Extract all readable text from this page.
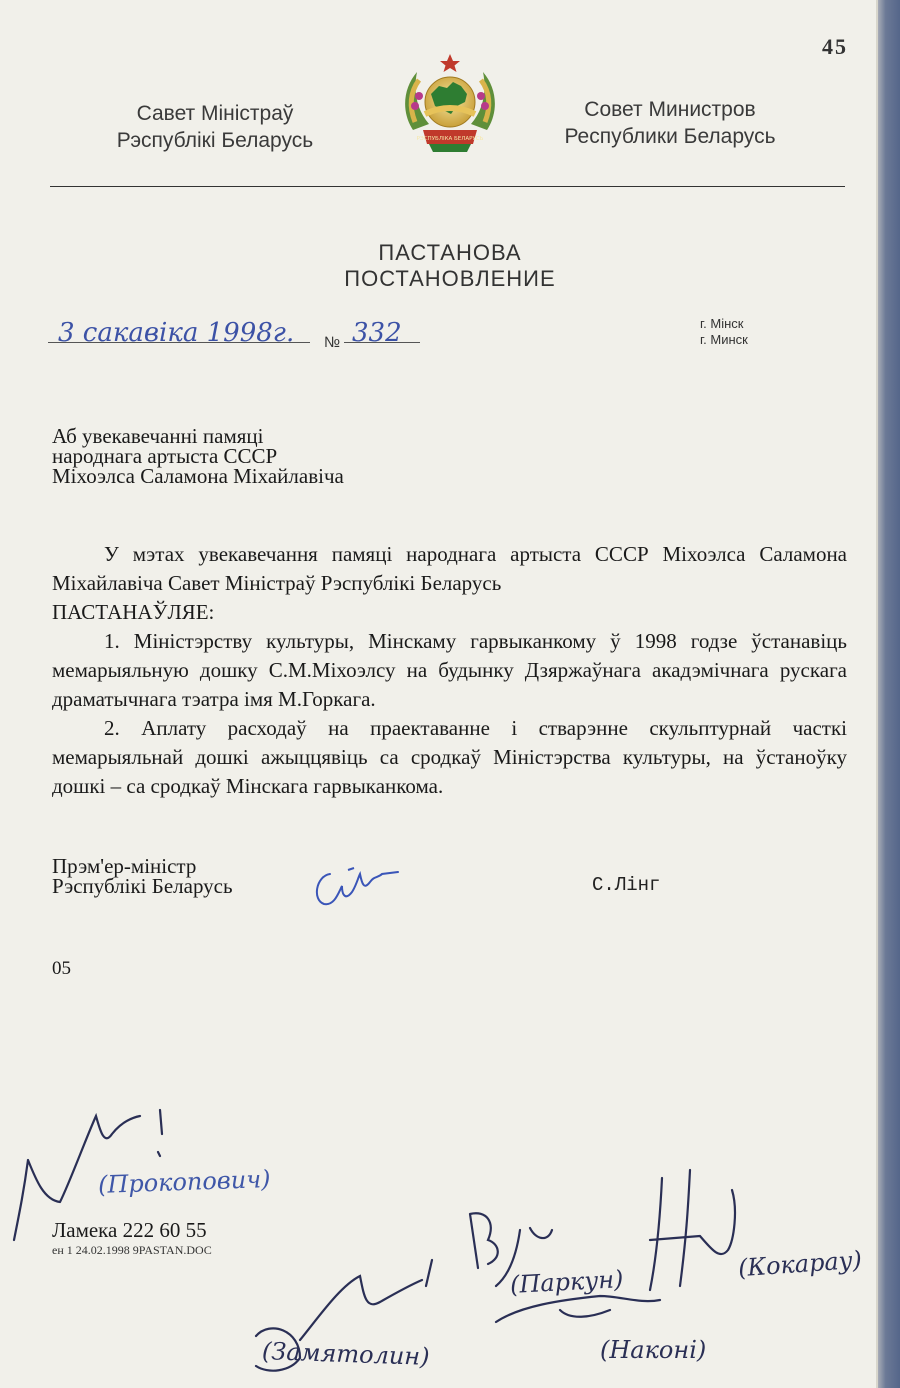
45
Савет Міністраў
Рэспублікі Беларусь	РЭСПУБЛІКА БЕЛАРУСЬ
Совет Министров
Республики Беларусь
ПАСТАНОВА
ПОСТАНОВЛЕНИЕ
3 сакавіка 1998г. № 332	г. Мінск
г. Минск
Аб увекавечанні памяці
народнага артыста СССР
Міхоэлса Саламона Міхайлавіча

У мэтах увекавечання памяці народнага артыста СССР Міхоэлса Саламона Міхайлавіча Савет Міністраў Рэспублікі Беларусь

ПАСТАНАЎЛЯЕ:

1. Міністэрству культуры, Мінскаму гарвыканкому ў 1998 годзе ўстанавіць мемарыяльную дошку С.М.Міхоэлсу на будынку Дзяржаўнага акадэмічнага рускага драматычнага тэатра імя М.Горкага.

2. Аплату расходаў на праектаванне і стварэнне скульптурнай часткі мемарыяльнай дошкі ажыццявіць са сродкаў Міністэрства культуры, на ўстаноўку дошкі – са сродкаў Мінскага гарвыканкома.

Прэм'ер-міністр
Рэспублікі Беларусь	С.Лінг
05
(Прокопович)
(Паркун)	(Кокарау)
(Замятолин)	(Наконі)
Ламека 222 60 55
ен 1 24.02.1998 9PASTAN.DOC
